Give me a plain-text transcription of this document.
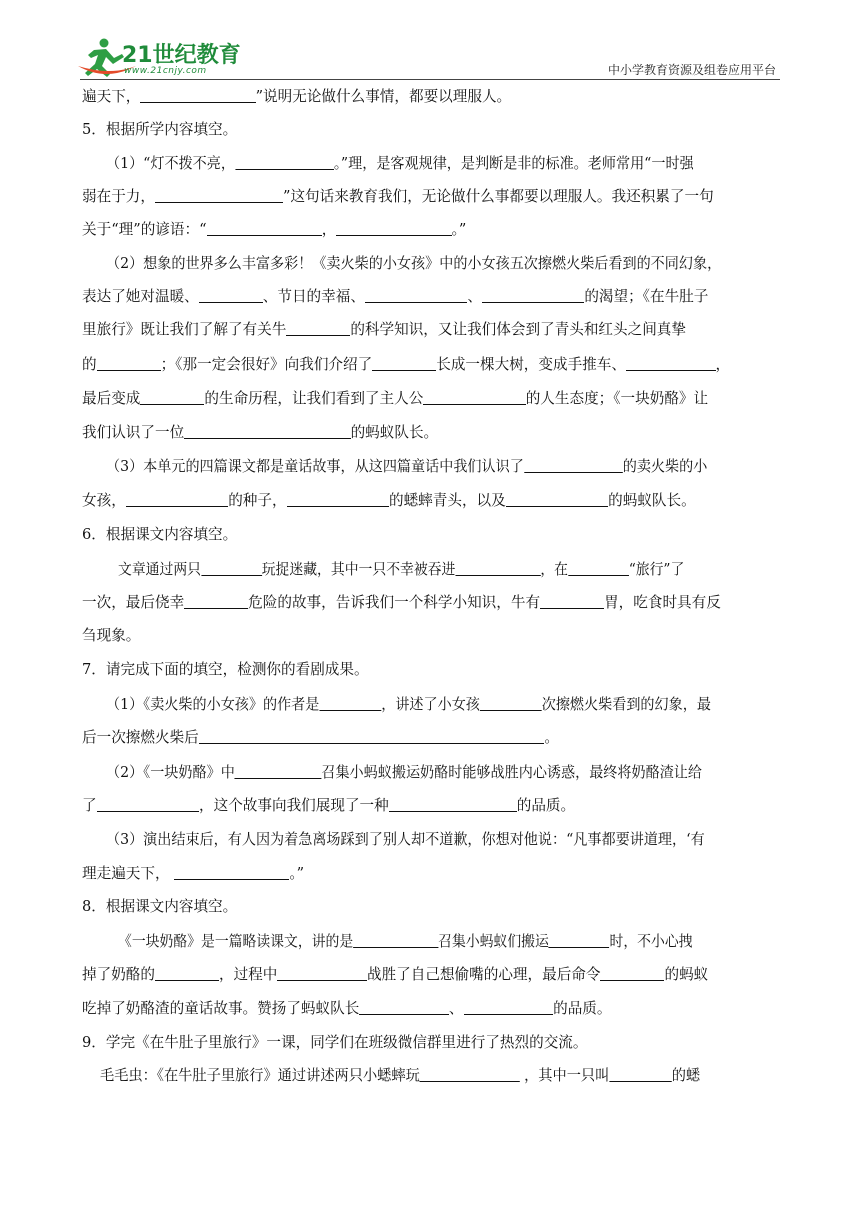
21世纪教育
www.21cnjy.com	中小学教育资源及组卷应用平台
遍天下，	”说明无论做什么事情，都要以理服人。
5．根据所学内容填空。
（1）“灯不拨不亮，	。”理，是客观规律，是判断是非的标准。老师常用“一时强
弱在于力，	”这句话来教育我们，无论做什么事都要以理服人。我还积累了一句
关于“理”的谚语：“	，	。”
（2）想象的世界多么丰富多彩！《卖火柴的小女孩》中的小女孩五次擦燃火柴后看到的不同幻象，
表达了她对温暖、	、节日的幸福、	、	的渴望；《在牛肚子
里旅行》既让我们了解了有关牛	的科学知识，又让我们体会到了青头和红头之间真挚
的	；《那一定会很好》向我们介绍了	长成一棵大树，变成手推车、	，
最后变成	的生命历程，让我们看到了主人公	的人生态度；《一块奶酪》让
我们认识了一位	的蚂蚁队长。
（3）本单元的四篇课文都是童话故事，从这四篇童话中我们认识了	的卖火柴的小
女孩，	的种子，	的蟋蟀青头，以及	的蚂蚁队长。
6．根据课文内容填空。
文章通过两只	玩捉迷藏，其中一只不幸被吞进	，在	“旅行”了
一次，最后侥幸	危险的故事，告诉我们一个科学小知识，牛有	胃，吃食时具有反
刍现象。
7．请完成下面的填空，检测你的看剧成果。
（1）《卖火柴的小女孩》的作者是	，讲述了小女孩	次擦燃火柴看到的幻象，最
后一次擦燃火柴后	。
（2）《一块奶酪》中	召集小蚂蚁搬运奶酪时能够战胜内心诱惑，最终将奶酪渣让给
了	，这个故事向我们展现了一种	的品质。
（3）演出结束后，有人因为着急离场踩到了别人却不道歉，你想对他说：“凡事都要讲道理，‘有
理走遍天下，	。”
8．根据课文内容填空。
《一块奶酪》是一篇略读课文，讲的是	召集小蚂蚁们搬运	时，不小心拽
掉了奶酪的	，过程中	战胜了自己想偷嘴的心理，最后命令	的蚂蚁
吃掉了奶酪渣的童话故事。赞扬了蚂蚁队长	、	的品质。
9．学完《在牛肚子里旅行》一课，同学们在班级微信群里进行了热烈的交流。
毛毛虫：《在牛肚子里旅行》通过讲述两只小蟋蟀玩	，其中一只叫	的蟋
